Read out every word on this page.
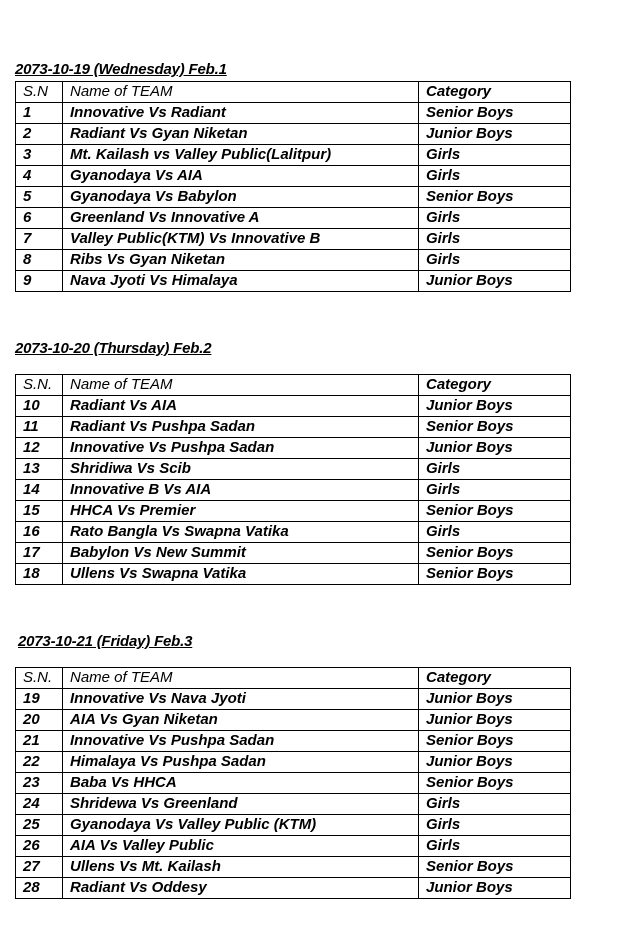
2073-10-19 (Wednesday) Feb.1
S.N	Name of TEAM	Category
1	Innovative Vs Radiant	Senior Boys
2	Radiant Vs Gyan Niketan	Junior Boys
3	Mt. Kailash vs Valley Public(Lalitpur)	Girls
4	Gyanodaya Vs AIA	Girls
5	Gyanodaya Vs Babylon	Senior Boys
6	Greenland Vs Innovative A	Girls
7	Valley Public(KTM) Vs Innovative B	Girls
8	Ribs Vs Gyan Niketan	Girls
9	Nava Jyoti Vs Himalaya	Junior Boys
2073-10-20 (Thursday) Feb.2
S.N.	Name of TEAM	Category
10	Radiant Vs AIA	Junior Boys
11	Radiant Vs Pushpa Sadan	Senior Boys
12	Innovative Vs Pushpa Sadan	Junior Boys
13	Shridiwa Vs Scib	Girls
14	Innovative B Vs AIA	Girls
15	HHCA Vs Premier	Senior Boys
16	Rato Bangla Vs Swapna Vatika	Girls
17	Babylon Vs New Summit	Senior Boys
18	Ullens Vs Swapna Vatika	Senior Boys
2073-10-21 (Friday) Feb.3
S.N.	Name of TEAM	Category
19	Innovative Vs Nava Jyoti	Junior Boys
20	AIA Vs Gyan Niketan	Junior Boys
21	Innovative Vs Pushpa Sadan	Senior Boys
22	Himalaya Vs Pushpa Sadan	Junior Boys
23	Baba Vs HHCA	Senior Boys
24	Shridewa Vs Greenland	Girls
25	Gyanodaya Vs Valley Public (KTM)	Girls
26	AIA Vs Valley Public	Girls
27	Ullens Vs Mt. Kailash	Senior Boys
28	Radiant Vs Oddesy	Junior Boys
